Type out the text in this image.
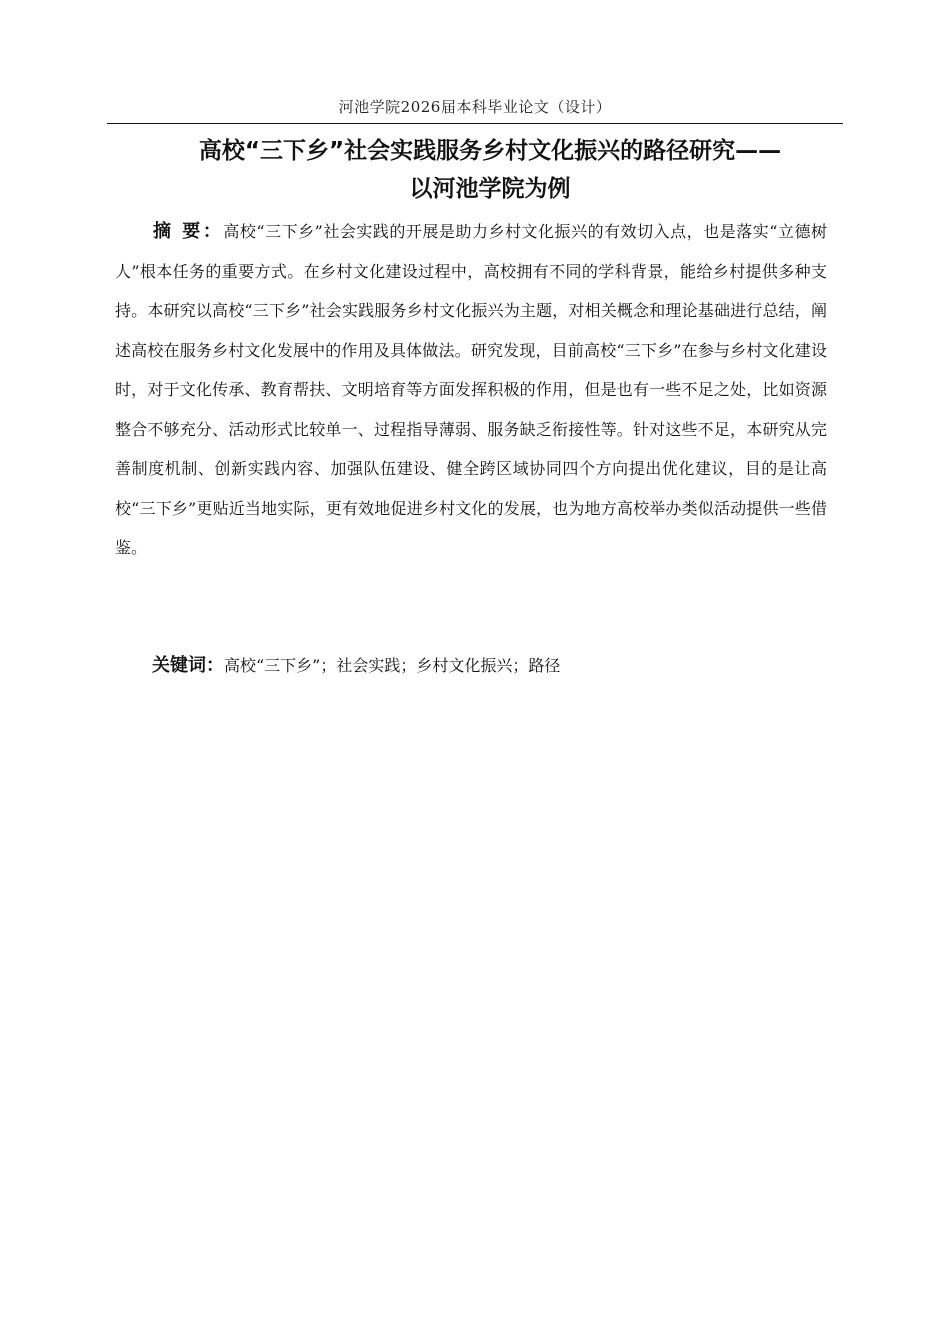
河池学院2026届本科毕业论文（设计）
高校“三下乡”社会实践服务乡村文化振兴的路径研究——
以河池学院为例
摘 要：高校“三下乡”社会实践的开展是助力乡村文化振兴的有效切入点，也是落实“立德树人”根本任务的重要方式。在乡村文化建设过程中，高校拥有不同的学科背景，能给乡村提供多种支持。本研究以高校“三下乡”社会实践服务乡村文化振兴为主题，对相关概念和理论基础进行总结，阐述高校在服务乡村文化发展中的作用及具体做法。研究发现，目前高校“三下乡”在参与乡村文化建设时，对于文化传承、教育帮扶、文明培育等方面发挥积极的作用，但是也有一些不足之处，比如资源整合不够充分、活动形式比较单一、过程指导薄弱、服务缺乏衔接性等。针对这些不足，本研究从完善制度机制、创新实践内容、加强队伍建设、健全跨区域协同四个方向提出优化建议，目的是让高校“三下乡”更贴近当地实际，更有效地促进乡村文化的发展，也为地方高校举办类似活动提供一些借鉴。
关键词：高校“三下乡”；社会实践；乡村文化振兴；路径
